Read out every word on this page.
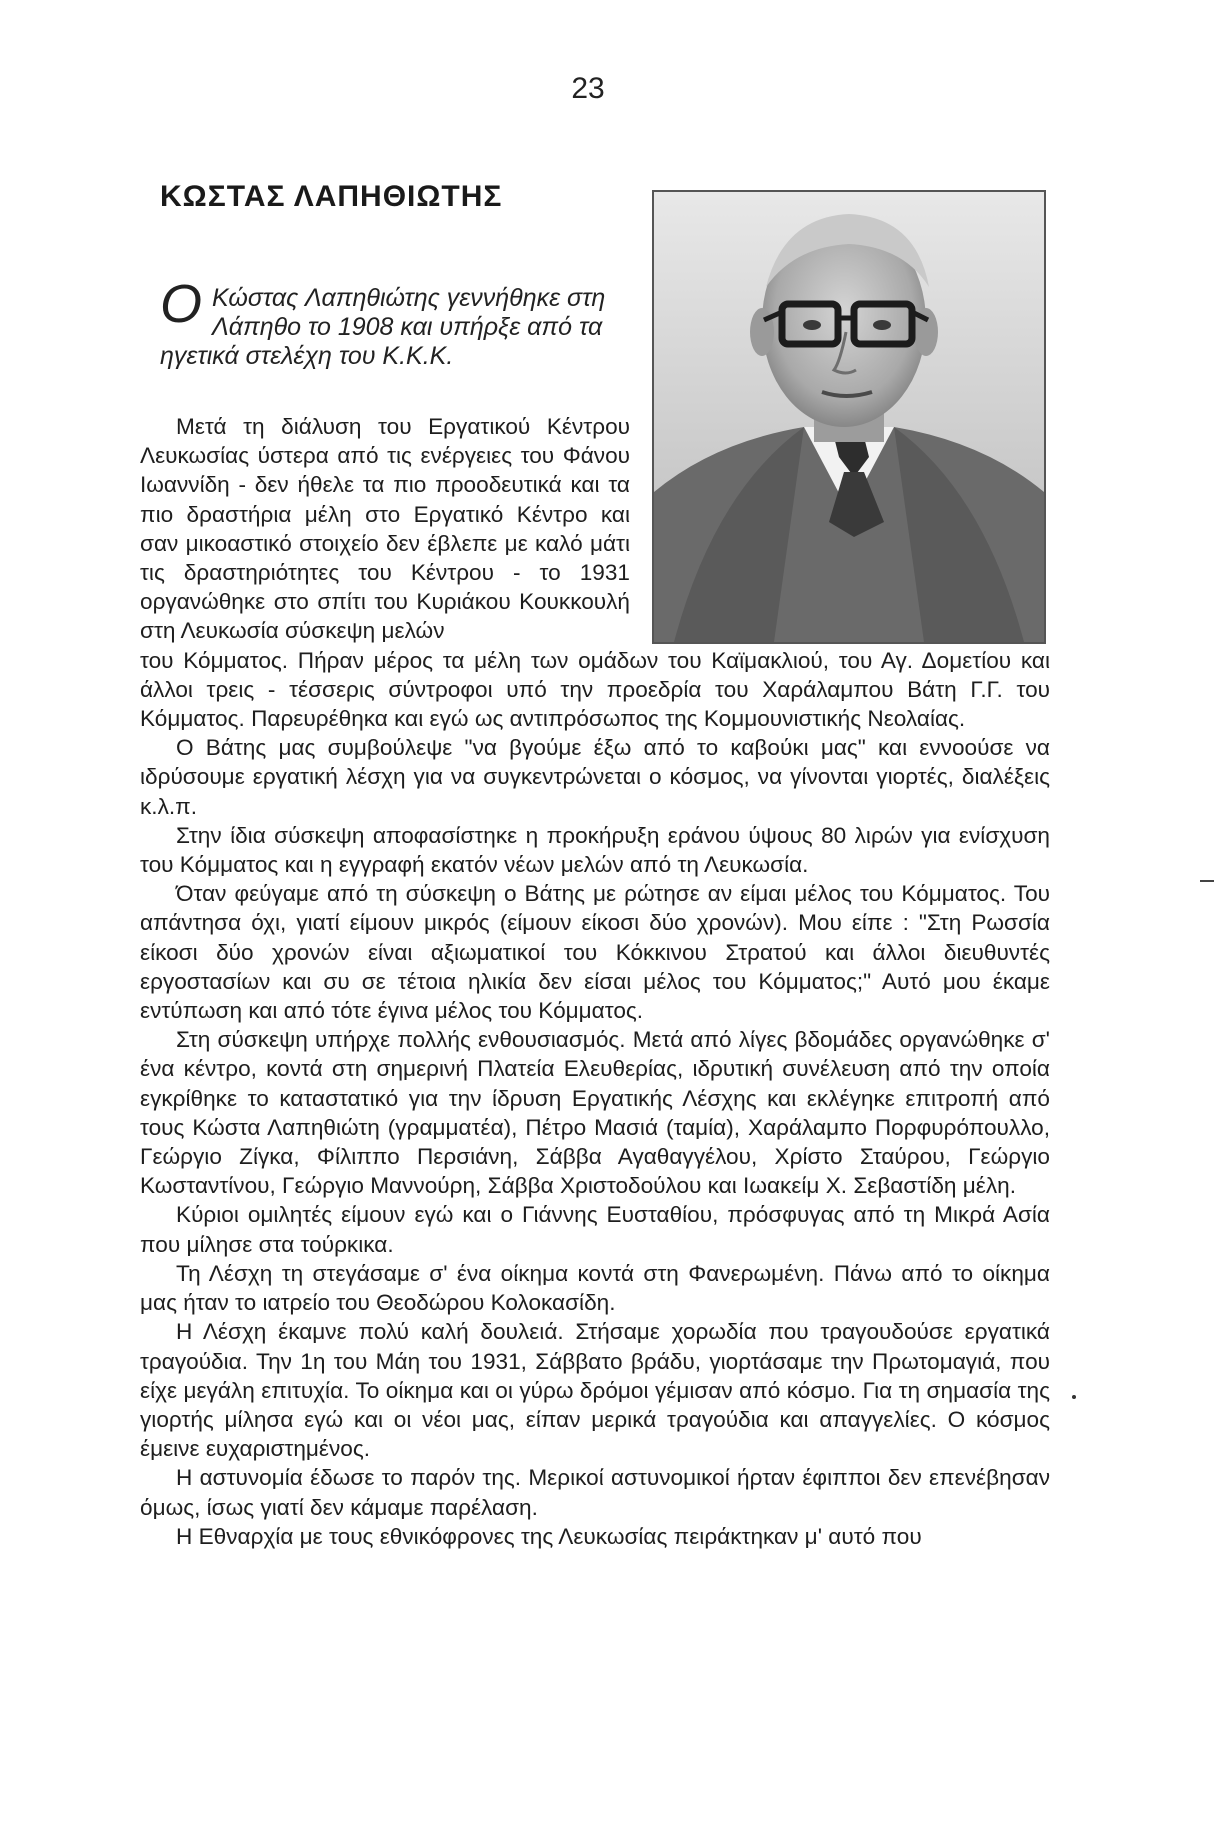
23
ΚΩΣΤΑΣ ΛΑΠΗΘΙΩΤΗΣ
Ο Κώστας Λαπηθιώτης γεννήθηκε στη Λάπηθο το 1908 και υπήρξε από τα ηγετικά στελέχη του Κ.Κ.Κ.

Μετά τη διάλυση του Εργατικού Κέντρου Λευκωσίας ύστερα από τις ενέργειες του Φάνου Ιωαννίδη - δεν ήθελε τα πιο προοδευτικά και τα πιο δραστήρια μέλη στο Εργατικό Κέντρο και σαν μικοαστικό στοιχείο δεν έβλεπε με καλό μάτι τις δραστηριότητες του Κέντρου - το 1931 οργανώθηκε στο σπίτι του Κυριάκου Κουκκουλή στη Λευκωσία σύσκεψη μελών

του Κόμματος. Πήραν μέρος τα μέλη των ομάδων του Καϊμακλιού, του Αγ. Δομετίου και άλλοι τρεις - τέσσερις σύντροφοι υπό την προεδρία του Χαράλαμπου Βάτη Γ.Γ. του Κόμματος. Παρευρέθηκα και εγώ ως αντιπρόσωπος της Κομμουνιστικής Νεολαίας.

Ο Βάτης μας συμβούλεψε "να βγούμε έξω από το καβούκι μας" και εννοούσε να ιδρύσουμε εργατική λέσχη για να συγκεντρώνεται ο κόσμος, να γίνονται γιορτές, διαλέξεις κ.λ.π.

Στην ίδια σύσκεψη αποφασίστηκε η προκήρυξη εράνου ύψους 80 λιρών για ενίσχυση του Κόμματος και η εγγραφή εκατόν νέων μελών από τη Λευκωσία.

Όταν φεύγαμε από τη σύσκεψη ο Βάτης με ρώτησε αν είμαι μέλος του Κόμματος. Του απάντησα όχι, γιατί είμουν μικρός (είμουν είκοσι δύο χρονών). Μου είπε : "Στη Ρωσσία είκοσι δύο χρονών είναι αξιωματικοί του Κόκκινου Στρατού και άλλοι διευθυντές εργοστασίων και συ σε τέτοια ηλικία δεν είσαι μέλος του Κόμματος;" Αυτό μου έκαμε εντύπωση και από τότε έγινα μέλος του Κόμματος.

Στη σύσκεψη υπήρχε πολλής ενθουσιασμός. Μετά από λίγες βδομάδες οργανώθηκε σ' ένα κέντρο, κοντά στη σημερινή Πλατεία Ελευθερίας, ιδρυτική συνέλευση από την οποία εγκρίθηκε το καταστατικό για την ίδρυση Εργατικής Λέσχης και εκλέγηκε επιτροπή από τους Κώστα Λαπηθιώτη (γραμματέα), Πέτρο Μασιά (ταμία), Χαράλαμπο Πορφυρόπουλλο, Γεώργιο Ζίγκα, Φίλιππο Περσιάνη, Σάββα Αγαθαγγέλου, Χρίστο Σταύρου, Γεώργιο Κωσταντίνου, Γεώργιο Μαννούρη, Σάββα Χριστοδούλου και Ιωακείμ Χ. Σεβαστίδη μέλη.

Κύριοι ομιλητές είμουν εγώ και ο Γιάννης Ευσταθίου, πρόσφυγας από τη Μικρά Ασία που μίλησε στα τούρκικα.

Τη Λέσχη τη στεγάσαμε σ' ένα οίκημα κοντά στη Φανερωμένη. Πάνω από το οίκημα μας ήταν το ιατρείο του Θεοδώρου Κολοκασίδη.

Η Λέσχη έκαμνε πολύ καλή δουλειά. Στήσαμε χορωδία που τραγουδούσε εργατικά τραγούδια. Την 1η του Μάη του 1931, Σάββατο βράδυ, γιορτάσαμε την Πρωτομαγιά, που είχε μεγάλη επιτυχία. Το οίκημα και οι γύρω δρόμοι γέμισαν από κόσμο. Για τη σημασία της γιορτής μίλησα εγώ και οι νέοι μας, είπαν μερικά τραγούδια και απαγγελίες. Ο κόσμος έμεινε ευχαριστημένος.

Η αστυνομία έδωσε το παρόν της. Μερικοί αστυνομικοί ήρταν έφιπποι δεν επενέβησαν όμως, ίσως γιατί δεν κάμαμε παρέλαση.

Η Εθναρχία με τους εθνικόφρονες της Λευκωσίας πειράκτηκαν μ' αυτό που
